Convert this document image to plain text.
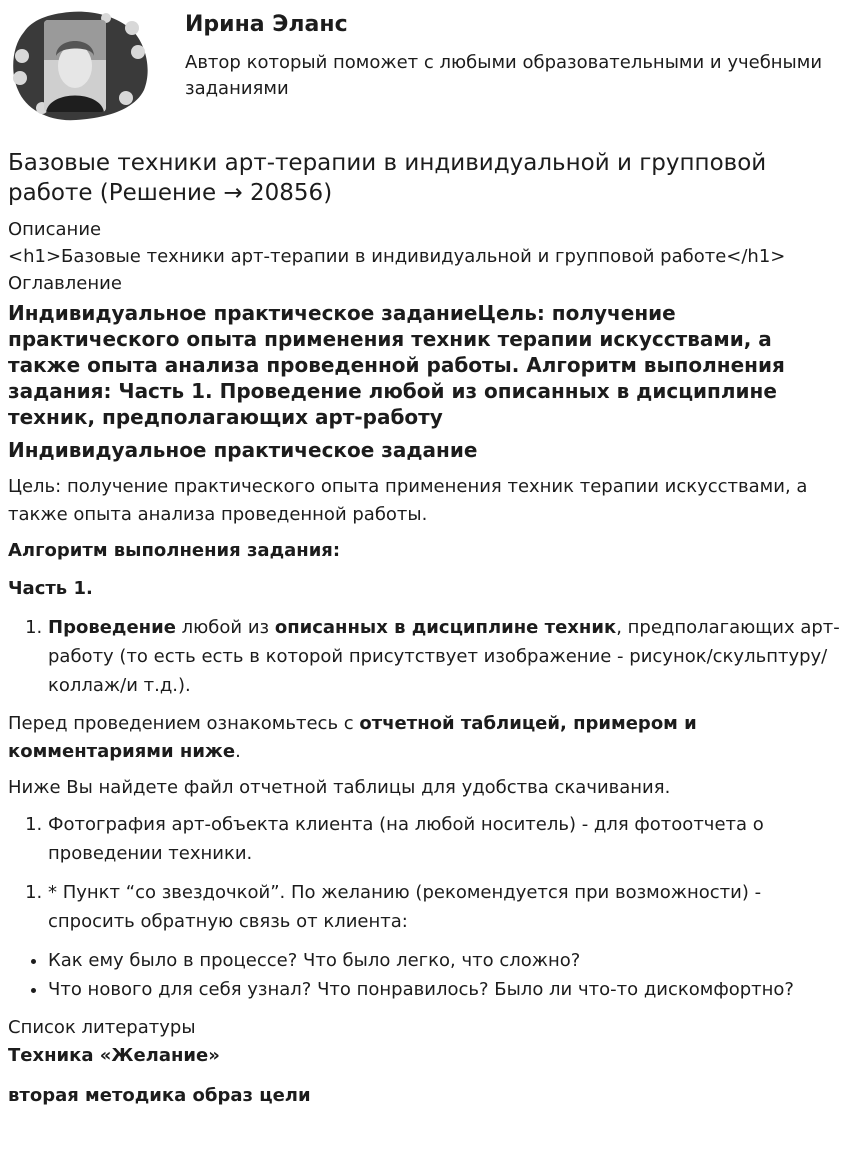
Ирина Эланс

Автор который поможет с любыми образовательными и учебными заданиями

Базовые техники арт-терапии в индивидуальной и групповой работе (Решение → 20856)

Описание

<h1>Базовые техники арт-терапии в индивидуальной и групповой работе</h1>

Оглавление

Индивидуальное практическое заданиеЦель: получение практического опыта применения техник терапии искусствами, а также опыта анализа проведенной работы. Алгоритм выполнения задания: Часть 1. Проведение любой из описанных в дисциплине техник, предполагающих арт-работу
Индивидуальное практическое задание

Цель: получение практического опыта применения техник терапии искусствами, а также опыта анализа проведенной работы.

Алгоритм выполнения задания:

Часть 1.

1. Проведение любой из описанных в дисциплине техник, предполагающих арт-работу (то есть есть в которой присутствует изображение - рисунок/скульптуру/коллаж/и т.д.).

Перед проведением ознакомьтесь с отчетной таблицей, примером и комментариями ниже.

Ниже Вы найдете файл отчетной таблицы для удобства скачивания.

1. Фотография арт-объекта клиента (на любой носитель) - для фотоотчета о проведении техники.
1. * Пункт “со звездочкой”. По желанию (рекомендуется при возможности) - спросить обратную связь от клиента:
• Как ему было в процессе? Что было легко, что сложно?
• Что нового для себя узнал? Что понравилось? Было ли что-то дискомфортно?

Список литературы

Техника «Желание»

вторая методика образ цели
